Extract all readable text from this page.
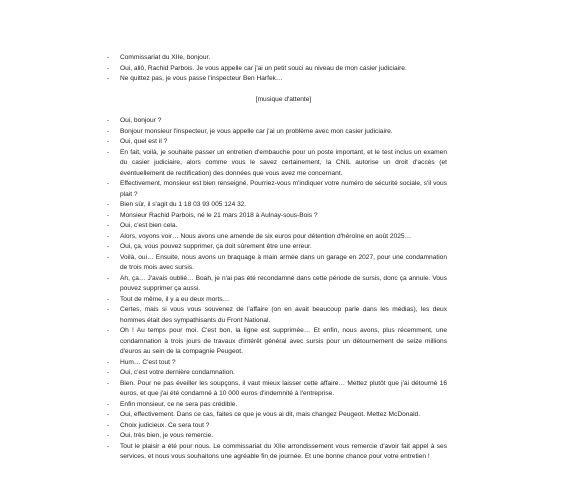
- Commissariat du XIIe, bonjour.
- Oui, allô, Rachid Parbois. Je vous appelle car j'ai un petit souci au niveau de mon casier judiciaire.
- Ne quittez pas, je vous passe l'inspecteur Ben Harfek…
[musique d'attente]
- Oui, bonjour ?
- Bonjour monsieur l'inspecteur, je vous appelle car j'ai un problème avec mon casier judiciaire.
- Oui, quel est il ?
- En fait, voilà, je souhaite passer un entretien d'embauche pour un poste important, et le test inclus un examen du casier judiciaire, alors comme vous le savez certainement, la CNIL autorise un droit d'accès (et éventuellement de rectification) des données que vous avez me concernant.
- Effectivement, monsieur est bien renseigné. Pourriez-vous m'indiquer votre numéro de sécurité sociale, s'il vous plait ?
- Bien sûr, il s'agit du 1 18 03 93 005 124 32.
- Monsieur Rachid Parbois, né le 21 mars 2018 à Aulnay-sous-Bois ?
- Oui, c'est bien cela.
- Alors, voyons voir… Nous avons une amende de six euros pour détention d'héroïne en août 2025…
- Oui, ça, vous pouvez supprimer, ça doit sûrement être une erreur.
- Voilà, oui… Ensuite, nous avons un braquage à main armée dans un garage en 2027, pour une condamnation de trois mois avec sursis.
- Ah, ça… J'avais oublié… Boah, je n'ai pas été recondamné dans cette période de sursis, donc ça annule. Vous pouvez supprimer ça aussi.
- Tout de même, il y a eu deux morts…
- Certes, mais si vous vous souvenez de l'affaire (on en avait beaucoup parle dans les médias), les deux hommes était des sympathisants du Front National.
- Oh ! Au temps pour moi. C'est bon, la ligne est supprimée… Et enfin, nous avons, plus récemment, une condamnation à trois jours de travaux d'intérêt général avec sursis pour un détournement de seize millions d'euros au sein de la compagnie Peugeot.
- Hum… C'est tout ?
- Oui, c'est votre dernière condamnation.
- Bien. Pour ne pas éveiller les soupçons, il vaut mieux laisser cette affaire… Mettez plutôt que j'ai détourné 16 euros, et que j'ai été condamné à 10 000 euros d'indemnité à l'entreprise.
- Enfin monsieur, ce ne sera pas crédible.
- Oui, effectivement. Dans ce cas, faites ce que je vous ai dit, mais changez Peugeot. Mettez McDonald.
- Choix judicieux. Ce sera tout ?
- Oui, très bien, je vous remercie.
- Tout le plaisir a été pour nous. Le commissariat du XIIe arrondissement vous remercie d'avoir fait appel à ses services, et nous vous souhaitons une agréable fin de journée. Et une bonne chance pour votre entretien !
